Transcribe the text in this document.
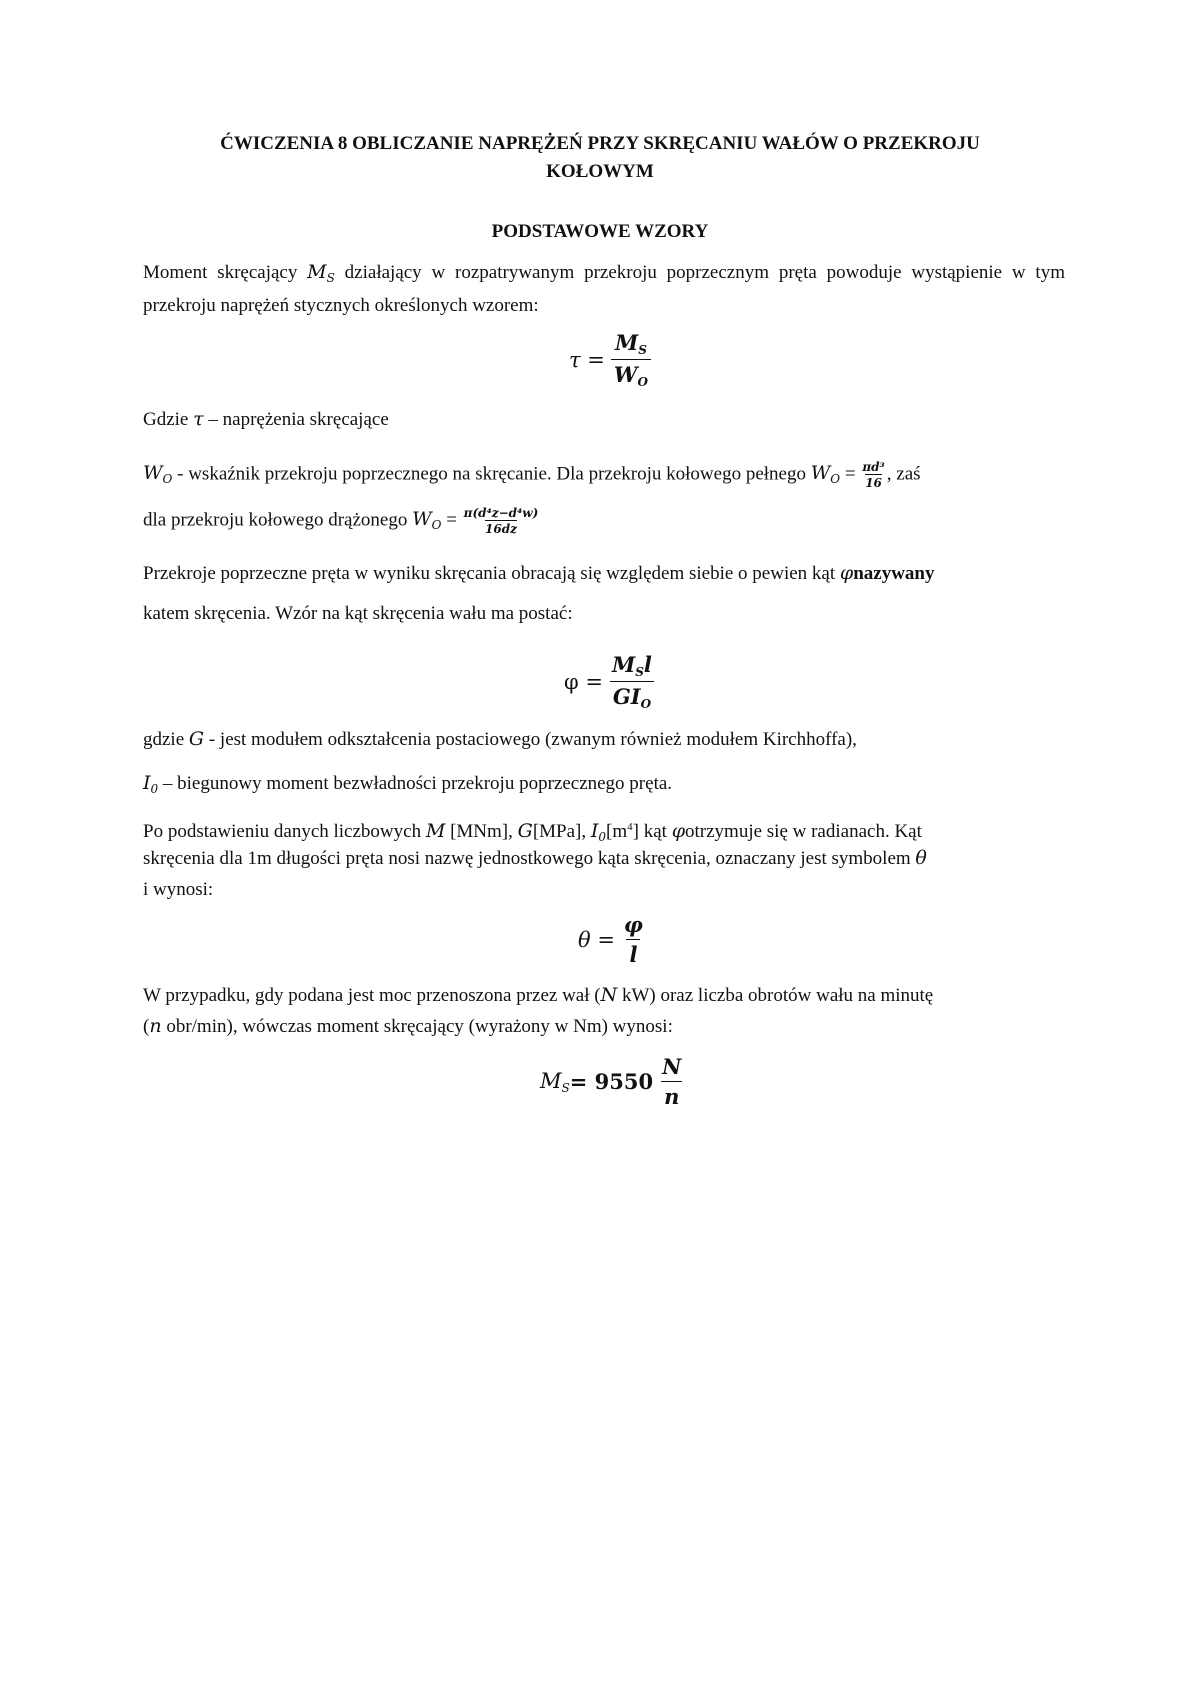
ĆWICZENIA 8 OBLICZANIE NAPRĘŻEŃ PRZY SKRĘCANIU WAŁÓW O PRZEKROJU
KOŁOWYM
PODSTAWOWE WZORY
Moment skręcający $M_S$ działający w rozpatrywanym przekroju poprzecznym pręta powoduje wystąpienie w tym przekroju naprężeń stycznych określonych wzorem:
$\tau = \frac{M_S}{W_O}$
Gdzie τ – naprężenia skręcające
$W_O$ - wskaźnik przekroju poprzecznego na skręcanie. Dla przekroju kołowego pełnego $W_O = \frac{\text{πd³}}{16}$ , zaś
dla przekroju kołowego drążonego $W_O = \frac{\text{π(d⁴z−d⁴w)}}{16dz}$
Przekroje poprzeczne pręta w wyniku skręcania obracają się względem siebie o pewien kąt φnazywany
katem skręcenia. Wzór na kąt skręcenia wału ma postać:
$\varphi = \frac{M_Sl}{GI_O}$
gdzie G - jest modułem odkształcenia postaciowego (zwanym również modułem Kirchhoffa),
$I_0$ – biegunowy moment bezwładności przekroju poprzecznego pręta.
Po podstawieniu danych liczbowych M [MNm], G[MPa], $I_0[m^4]$ kąt φotrzymuje się w radianach. Kąt
skręcenia dla 1m długości pręta nosi nazwę jednostkowego kąta skręcenia, oznaczany jest symbolem θ
i wynosi:
$\theta = \frac{\varphi}{l}$
W przypadku, gdy podana jest moc przenoszona przez wał (N kW) oraz liczba obrotów wału na minutę
(n obr/min), wówczas moment skręcający (wyrażony w Nm) wynosi:
$M_S = 9550 \frac{N}{n}$
